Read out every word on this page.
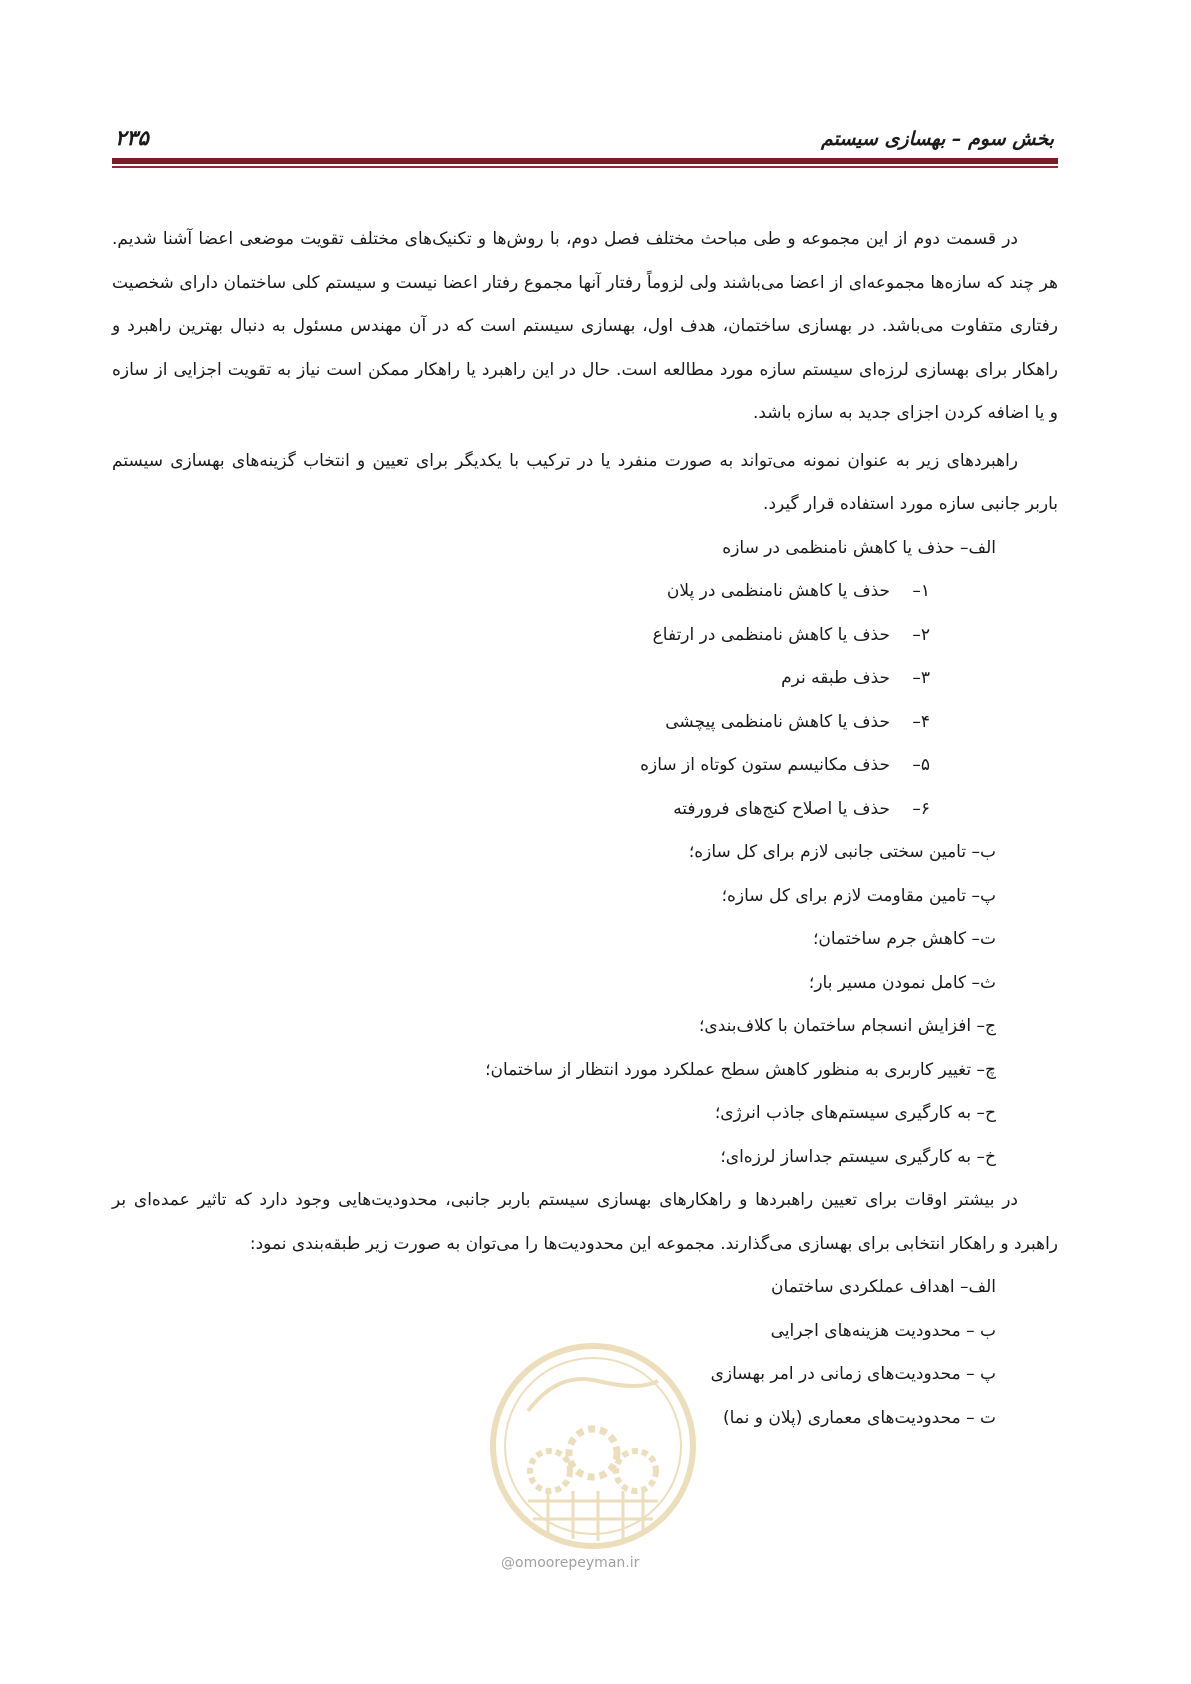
بخش سوم – بهسازی سیستم
۲۳۵

در قسمت دوم از این مجموعه و طی مباحث مختلف فصل دوم، با روش‌ها و تکنیک‌های مختلف تقویت موضعی اعضا آشنا شدیم. هر چند که سازه‌ها مجموعه‌ای از اعضا می‌باشند ولی لزوماً رفتار آنها مجموع رفتار اعضا نیست و سیستم کلی ساختمان دارای شخصیت رفتاری متفاوت می‌باشد. در بهسازی ساختمان، هدف اول، بهسازی سیستم است که در آن مهندس مسئول به دنبال بهترین راهبرد و راهکار برای بهسازی لرزه‌ای سیستم سازه مورد مطالعه است. حال در این راهبرد یا راهکار ممکن است نیاز به تقویت اجزایی از سازه و یا اضافه کردن اجزای جدید به سازه باشد.

راهبردهای زیر به عنوان نمونه می‌تواند به صورت منفرد یا در ترکیب با یکدیگر برای تعیین و انتخاب گزینه‌های بهسازی سیستم باربر جانبی سازه مورد استفاده قرار گیرد.

الف– حذف یا کاهش نامنظمی در سازه
۱–حذف یا کاهش نامنظمی در پلان
۲–حذف یا کاهش نامنظمی در ارتفاع
۳–حذف طبقه نرم
۴–حذف یا کاهش نامنظمی پیچشی
۵–حذف مکانیسم ستون کوتاه از سازه
۶–حذف یا اصلاح کنج‌های فرورفته
ب– تامین سختی جانبی لازم برای کل سازه؛
پ– تامین مقاومت لازم برای کل سازه؛
ت– کاهش جرم ساختمان؛
ث– کامل نمودن مسیر بار؛
ج– افزایش انسجام ساختمان با کلاف‌بندی؛
چ– تغییر کاربری به منظور کاهش سطح عملکرد مورد انتظار از ساختمان؛
ح– به کارگیری سیستم‌های جاذب انرژی؛
خ– به کارگیری سیستم جداساز لرزه‌ای؛

در بیشتر اوقات برای تعیین راهبردها و راهکارهای بهسازی سیستم باربر جانبی، محدودیت‌هایی وجود دارد که تاثیر عمده‌ای بر راهبرد و راهکار انتخابی برای بهسازی می‌گذارند. مجموعه این محدودیت‌ها را می‌توان به صورت زیر طبقه‌بندی نمود:

الف– اهداف عملکردی ساختمان
ب – محدودیت هزینه‌های اجرایی
پ – محدودیت‌های زمانی در امر بهسازی
ت – محدودیت‌های معماری (پلان و نما)
@omoorepeyman.ir
